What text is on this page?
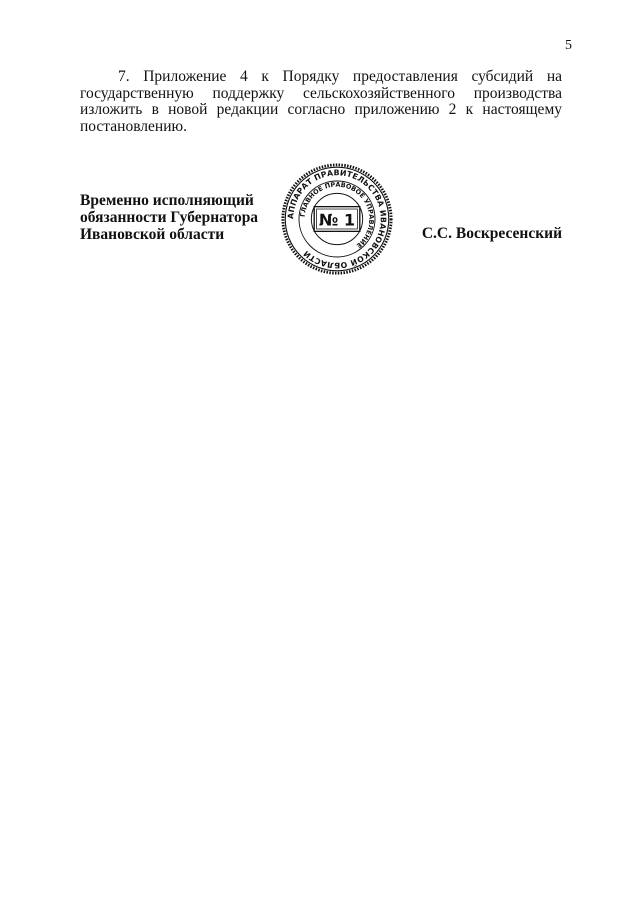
5
7. Приложение 4 к Порядку предоставления субсидий на
государственную поддержку сельскохозяйственного производства
изложить в новой редакции согласно приложению 2 к настоящему
постановлению.
Временно исполняющий
обязанности Губернатора
Ивановской области
АППАРАТ ПРАВИТЕЛЬСТВА ИВАНОВСКОЙ ОБЛАСТИ
ГЛАВНОЕ ПРАВОВОЕ УПРАВЛЕНИЕ
№ 1
С.С. Воскресенский
